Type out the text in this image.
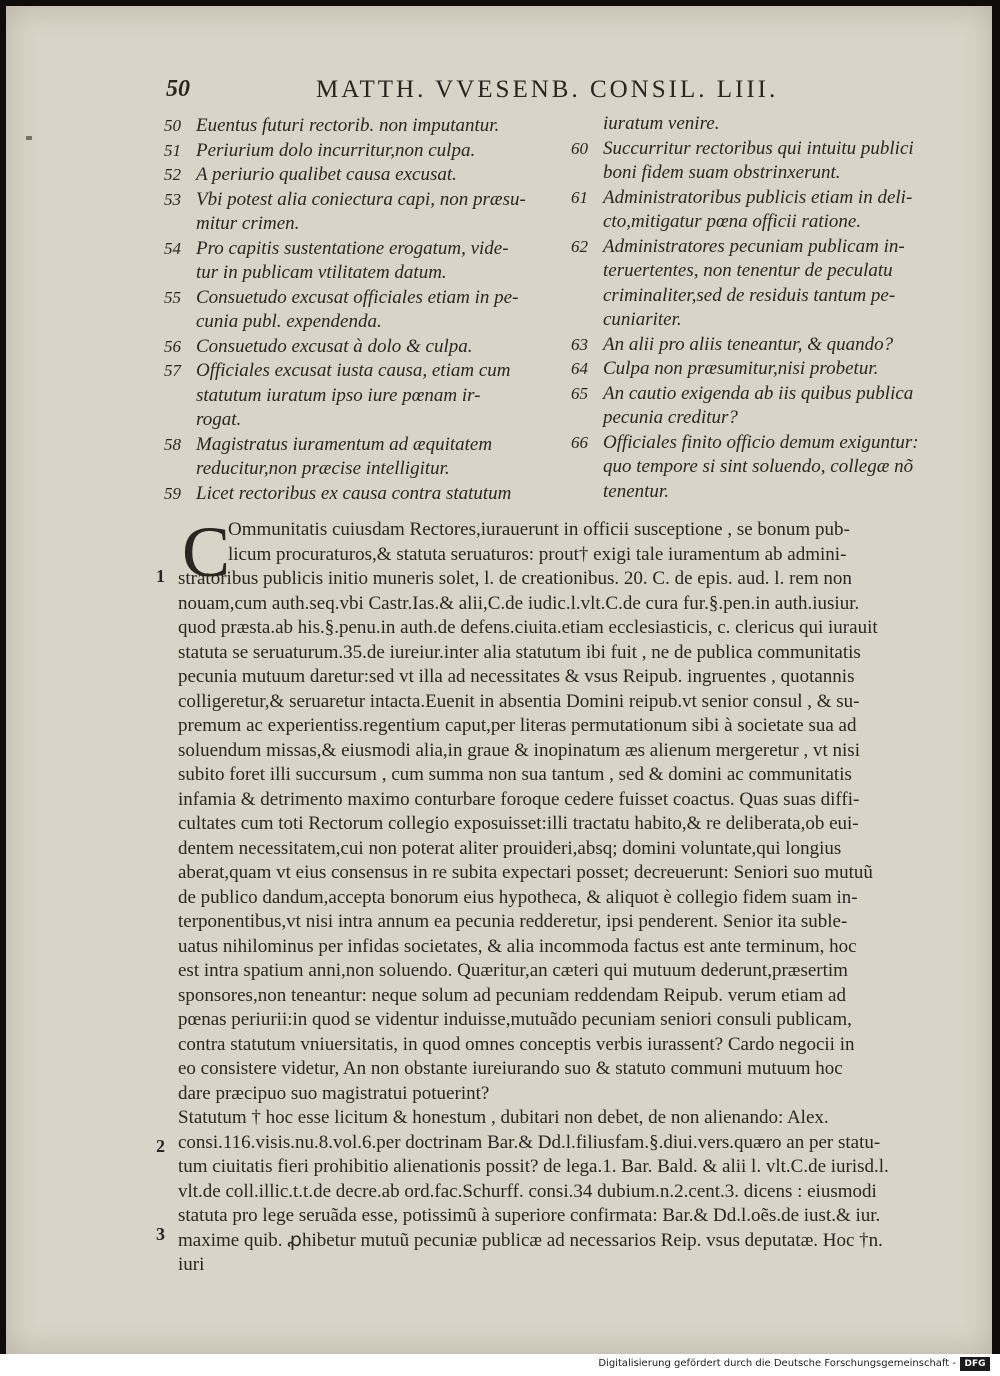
50	MATTH. VVESENB. CONSIL. LIII.
50 Euentus futuri rectorib. non imputantur.
51 Periurium dolo incurritur,non culpa.
52 A periurio qualibet causa excusat.
53 Vbi potest alia coniectura capi, non præsu-
mitur crimen.
54 Pro capitis sustentatione erogatum, vide-
tur in publicam vtilitatem datum.
55 Consuetudo excusat officiales etiam in pe-
cunia publ. expendenda.
56 Consuetudo excusat à dolo & culpa.
57 Officiales excusat iusta causa, etiam cum
statutum iuratum ipso iure pœnam ir-
rogat.
58 Magistratus iuramentum ad æquitatem
reducitur,non præcise intelligitur.
59 Licet rectoribus ex causa contra statutum
iuratum venire.
60 Succurritur rectoribus qui intuitu publici
boni fidem suam obstrinxerunt.
61 Administratoribus publicis etiam in deli-
cto,mitigatur pœna officii ratione.
62 Administratores pecuniam publicam in-
teruertentes, non tenentur de peculatu
criminaliter,sed de residuis tantum pe-
cuniariter.
63 An alii pro aliis teneantur, & quando?
64 Culpa non præsumitur,nisi probetur.
65 An cautio exigenda ab iis quibus publica
pecunia creditur?
66 Officiales finito officio demum exiguntur:
quo tempore si sint soluendo, collegæ nõ
tenentur.
C
1
2
3
Ommunitatis cuiusdam Rectores,iurauerunt in officii susceptione , se bonum pub-
licum procuraturos,& statuta seruaturos: prout† exigi tale iuramentum ab admini-
stratoribus publicis initio muneris solet, l. de creationibus. 20. C. de epis. aud. l. rem non
nouam,cum auth.seq.vbi Castr.Ias.& alii,C.de iudic.l.vlt.C.de cura fur.§.pen.in auth.iusiur.
quod præsta.ab his.§.penu.in auth.de defens.ciuita.etiam ecclesiasticis, c. clericus qui iurauit
statuta se seruaturum.35.de iureiur.inter alia statutum ibi fuit , ne de publica communitatis
pecunia mutuum daretur:sed vt illa ad necessitates & vsus Reipub. ingruentes , quotannis
colligeretur,& seruaretur intacta.Euenit in absentia Domini reipub.vt senior consul , & su-
premum ac experientiss.regentium caput,per literas permutationum sibi à societate sua ad
soluendum missas,& eiusmodi alia,in graue & inopinatum æs alienum mergeretur , vt nisi
subito foret illi succursum , cum summa non sua tantum , sed & domini ac communitatis
infamia & detrimento maximo conturbare foroque cedere fuisset coactus. Quas suas diffi-
cultates cum toti Rectorum collegio exposuisset:illi tractatu habito,& re deliberata,ob eui-
dentem necessitatem,cui non poterat aliter prouideri,absq; domini voluntate,qui longius
aberat,quam vt eius consensus in re subita expectari posset; decreuerunt: Seniori suo mutuũ
de publico dandum,accepta bonorum eius hypotheca, & aliquot è collegio fidem suam in-
terponentibus,vt nisi intra annum ea pecunia redderetur, ipsi penderent. Senior ita suble-
uatus nihilominus per infidas societates, & alia incommoda factus est ante terminum, hoc
est intra spatium anni,non soluendo. Quæritur,an cæteri qui mutuum dederunt,præsertim
sponsores,non teneantur: neque solum ad pecuniam reddendam Reipub. verum etiam ad
pœnas periurii:in quod se videntur induisse,mutuãdo pecuniam seniori consuli publicam,
contra statutum vniuersitatis, in quod omnes conceptis verbis iurassent? Cardo negocii in
eo consistere videtur, An non obstante iureiurando suo & statuto communi mutuum hoc
dare præcipuo suo magistratui potuerint?
Statutum † hoc esse licitum & honestum , dubitari non debet, de non alienando: Alex.
consi.116.visis.nu.8.vol.6.per doctrinam Bar.& Dd.l.filiusfam.§.diui.vers.quæro an per statu-
tum ciuitatis fieri prohibitio alienationis possit? de lega.1. Bar. Bald. & alii l. vlt.C.de iurisd.l.
vlt.de coll.illic.t.t.de decre.ab ord.fac.Schurff. consi.34 dubium.n.2.cent.3. dicens : eiusmodi
statuta pro lege seruãda esse, potissimũ à superiore confirmata: Bar.& Dd.l.oẽs.de iust.& iur.
maxime quib. ꝓhibetur mutuũ pecuniæ publicæ ad necessarios Reip. vsus deputatæ. Hoc †n.
iuri
Digitalisierung gefördert durch die Deutsche Forschungsgemeinschaft - DFG
